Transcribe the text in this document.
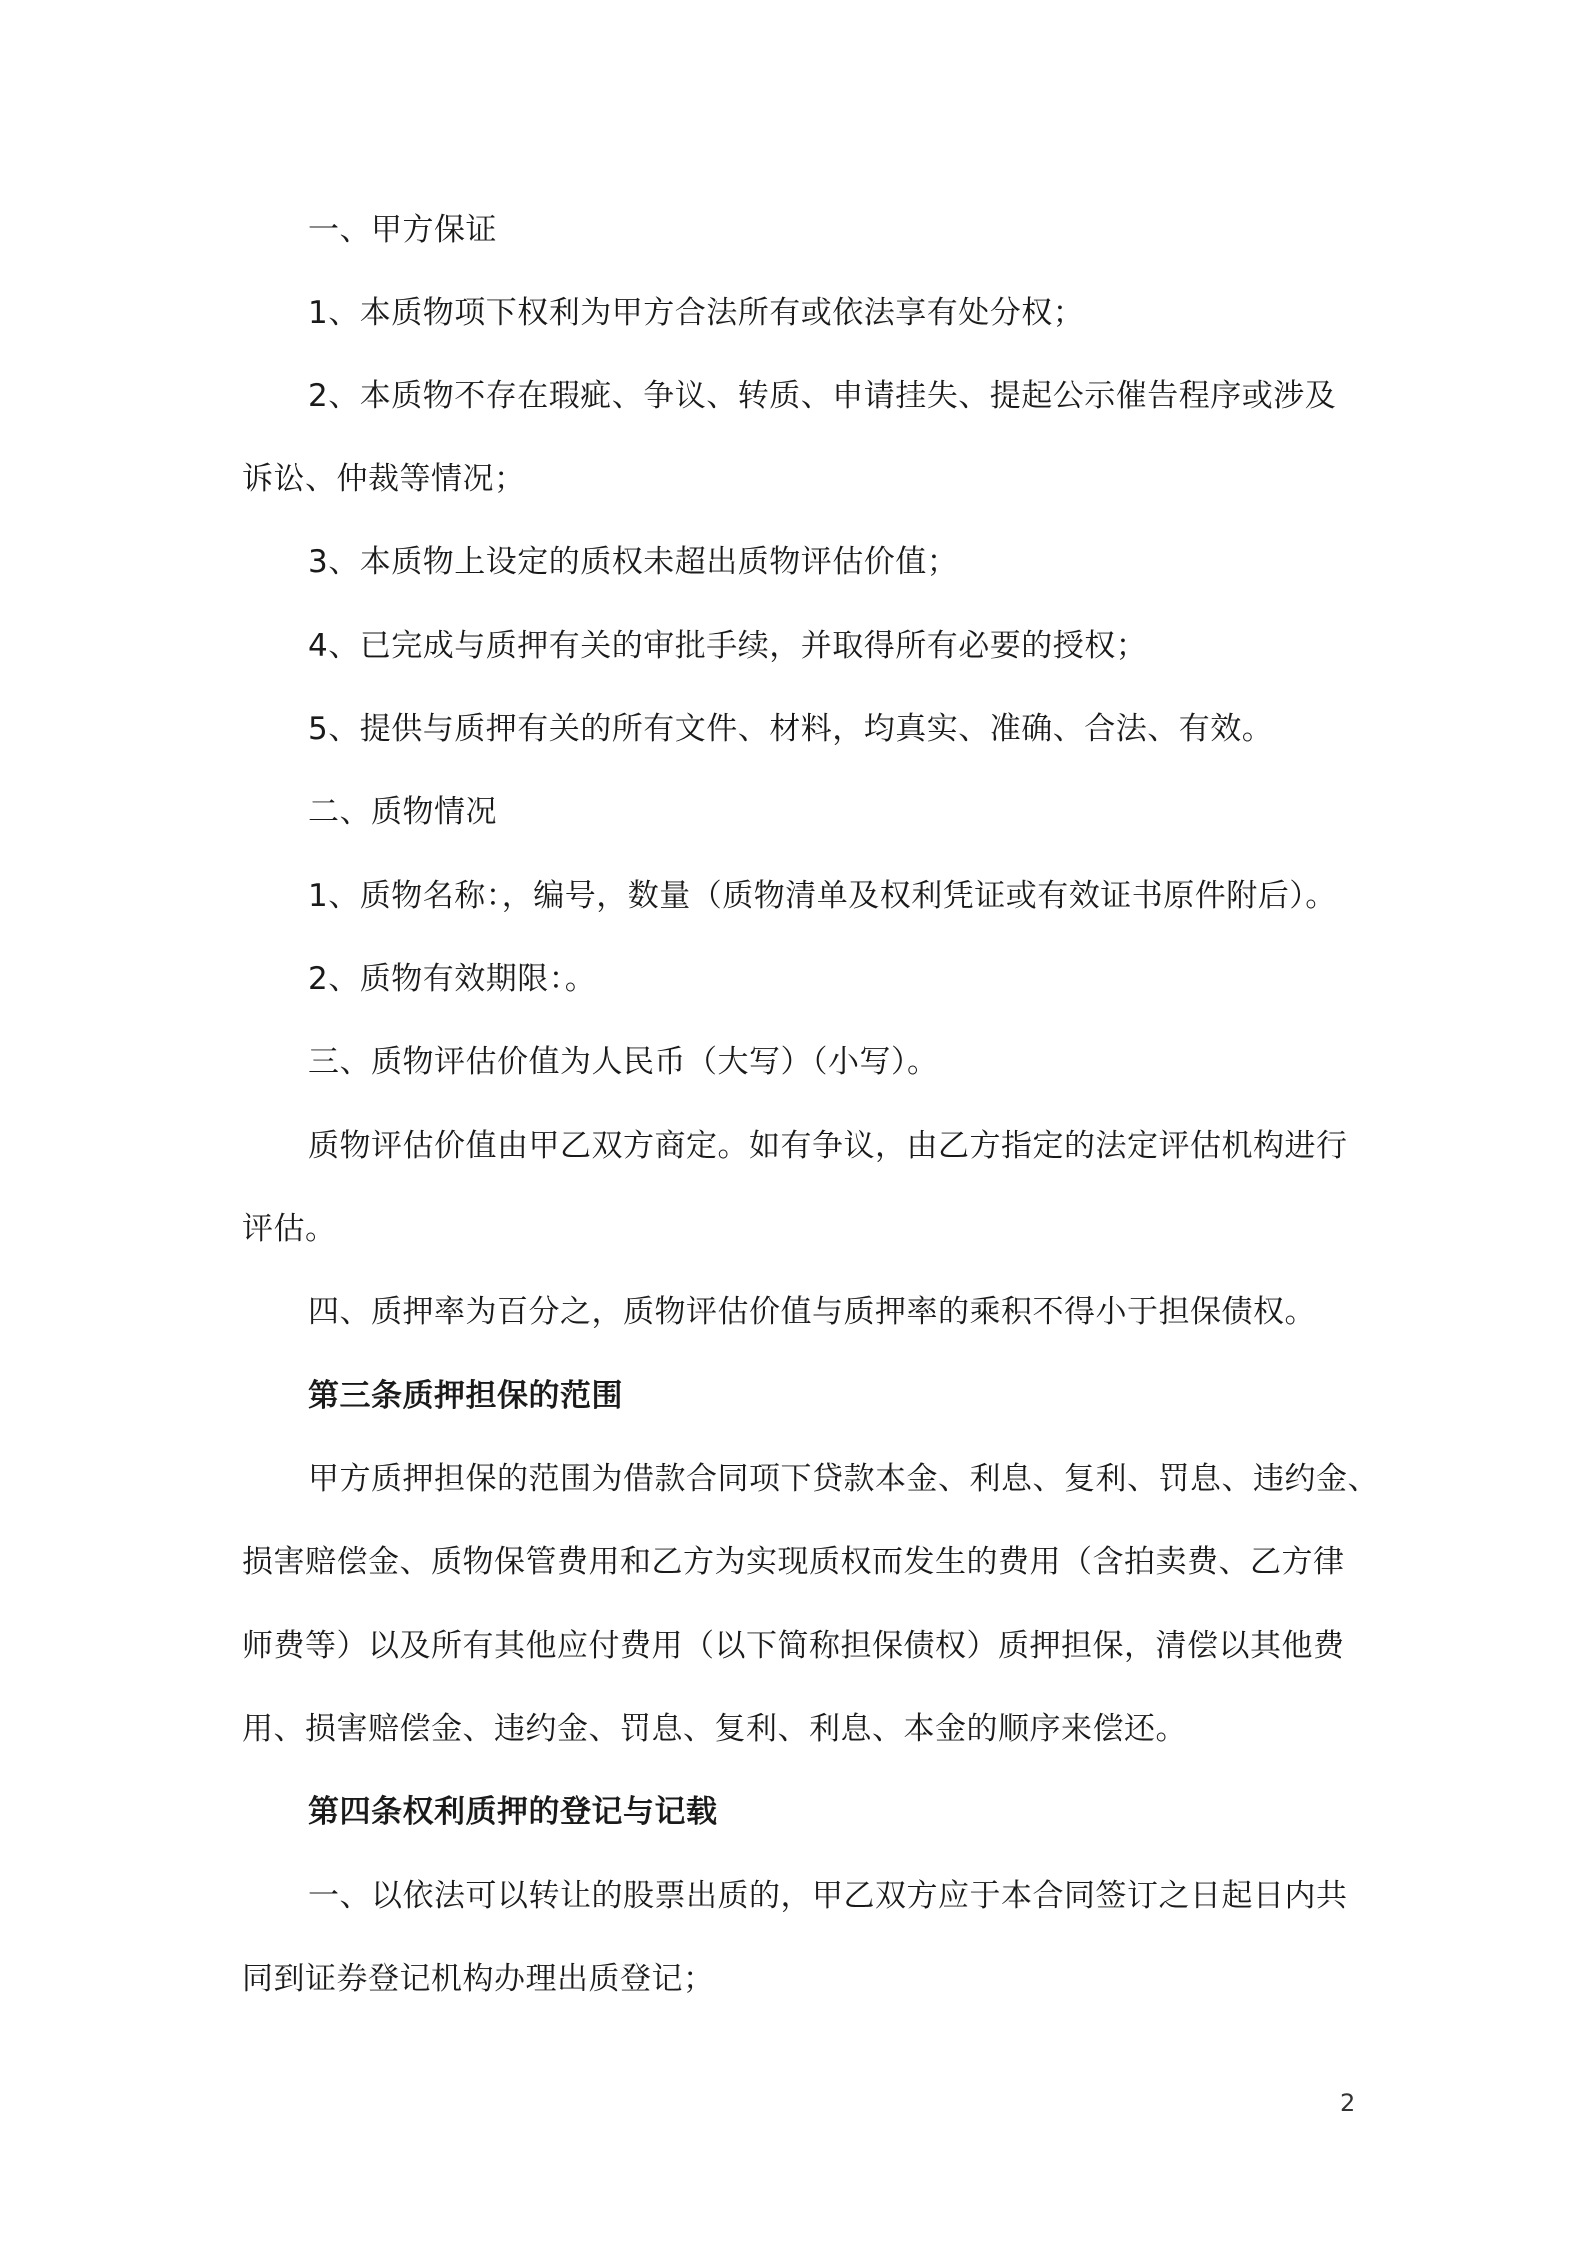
一、甲方保证
1、本质物项下权利为甲方合法所有或依法享有处分权；
2、本质物不存在瑕疵、争议、转质、申请挂失、提起公示催告程序或涉及
诉讼、仲裁等情况；
3、本质物上设定的质权未超出质物评估价值；
4、已完成与质押有关的审批手续，并取得所有必要的授权；
5、提供与质押有关的所有文件、材料，均真实、准确、合法、有效。
二、质物情况
1、质物名称：，编号，数量（质物清单及权利凭证或有效证书原件附后）。
2、质物有效期限：。
三、质物评估价值为人民币（大写）（小写）。
质物评估价值由甲乙双方商定。如有争议，由乙方指定的法定评估机构进行
评估。
四、质押率为百分之，质物评估价值与质押率的乘积不得小于担保债权。
第三条质押担保的范围
甲方质押担保的范围为借款合同项下贷款本金、利息、复利、罚息、违约金、
损害赔偿金、质物保管费用和乙方为实现质权而发生的费用（含拍卖费、乙方律
师费等）以及所有其他应付费用（以下简称担保债权）质押担保，清偿以其他费
用、损害赔偿金、违约金、罚息、复利、利息、本金的顺序来偿还。
第四条权利质押的登记与记载
一、以依法可以转让的股票出质的，甲乙双方应于本合同签订之日起日内共
同到证券登记机构办理出质登记；
2
